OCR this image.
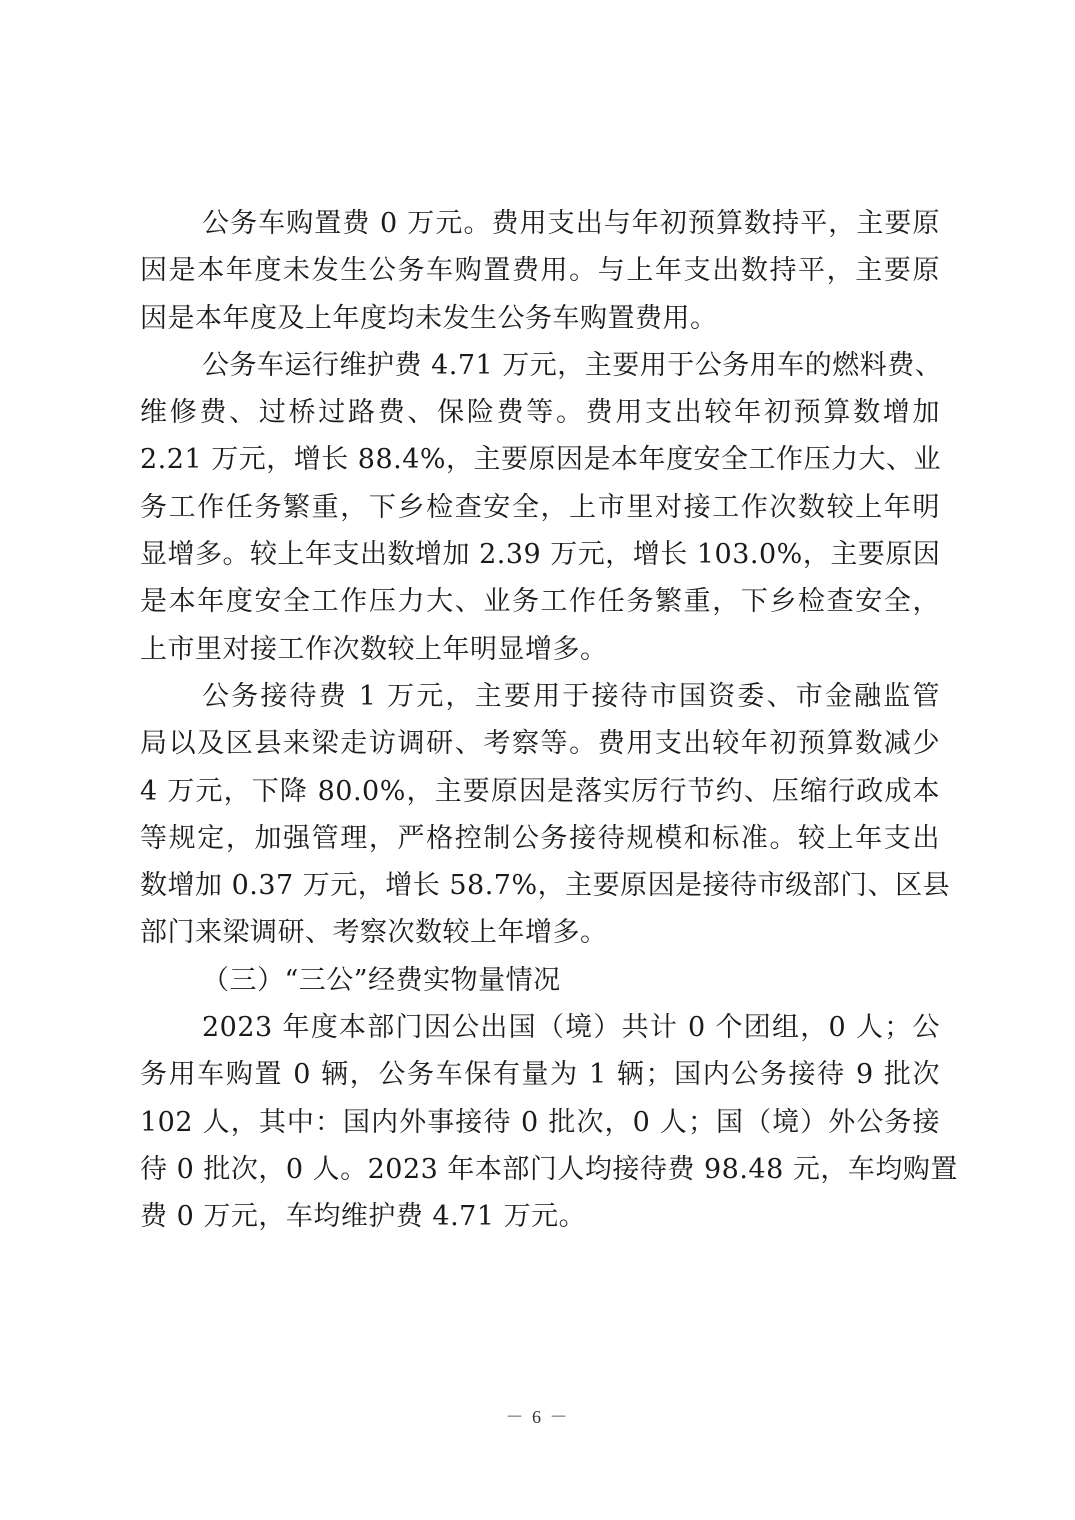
公务车购置费 0 万元。费用支出与年初预算数持平，主要原
因是本年度未发生公务车购置费用。与上年支出数持平，主要原
因是本年度及上年度均未发生公务车购置费用。
公务车运行维护费 4.71 万元，主要用于公务用车的燃料费、
维修费、过桥过路费、保险费等。费用支出较年初预算数增加
2.21 万元，增长 88.4%，主要原因是本年度安全工作压力大、业
务工作任务繁重，下乡检查安全，上市里对接工作次数较上年明
显增多。较上年支出数增加 2.39 万元，增长 103.0%，主要原因
是本年度安全工作压力大、业务工作任务繁重，下乡检查安全，
上市里对接工作次数较上年明显增多。
公务接待费 1 万元，主要用于接待市国资委、市金融监管
局以及区县来梁走访调研、考察等。费用支出较年初预算数减少
4 万元，下降 80.0%，主要原因是落实厉行节约、压缩行政成本
等规定，加强管理，严格控制公务接待规模和标准。较上年支出
数增加 0.37 万元，增长 58.7%，主要原因是接待市级部门、区县
部门来梁调研、考察次数较上年增多。
（三）“三公”经费实物量情况
2023 年度本部门因公出国（境）共计 0 个团组，0 人；公
务用车购置 0 辆，公务车保有量为 1 辆；国内公务接待 9 批次
102 人，其中：国内外事接待 0 批次，0 人；国（境）外公务接
待 0 批次，0 人。2023 年本部门人均接待费 98.48 元，车均购置
费 0 万元，车均维护费 4.71 万元。
－ 6 －
